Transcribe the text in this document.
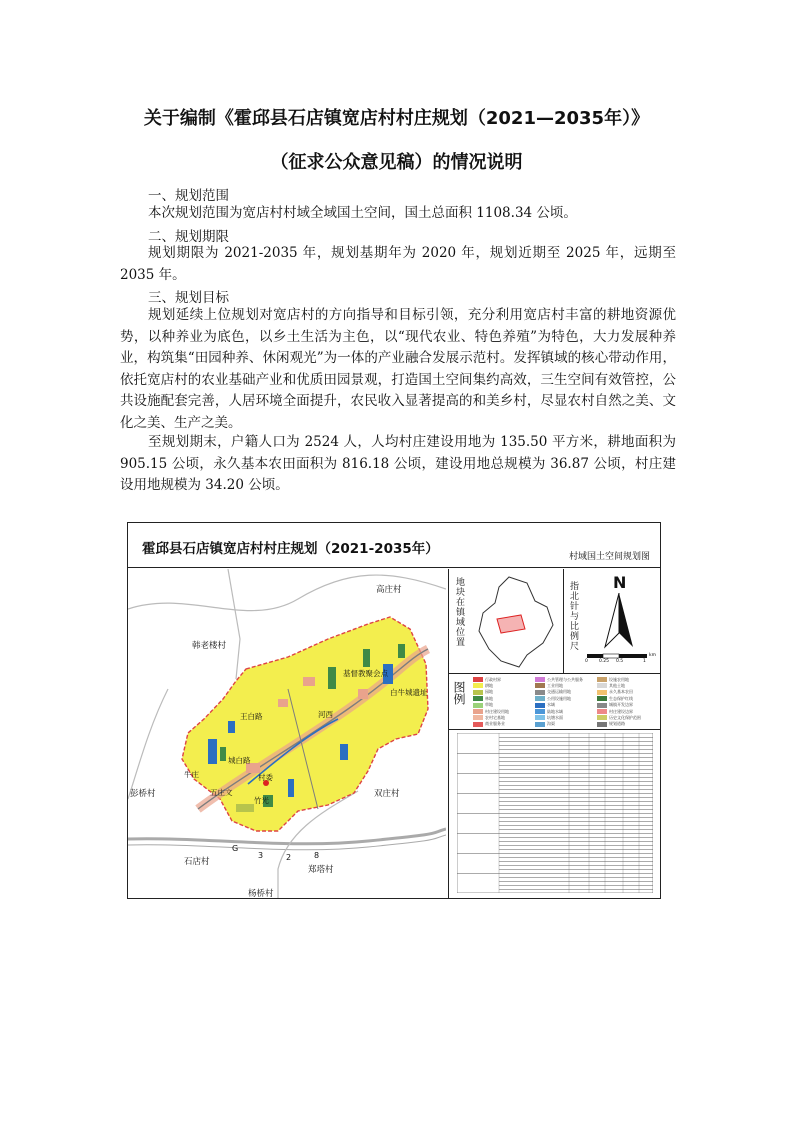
关于编制《霍邱县石店镇宽店村村庄规划（2021—2035年）》
（征求公众意见稿）的情况说明
一、规划范围
本次规划范围为宽店村村域全域国土空间，国土总面积 1108.34 公顷。
二、规划期限
规划期限为 2021-2035 年，规划基期年为 2020 年，规划近期至 2025 年，远期至 2035 年。
三、规划目标
规划延续上位规划对宽店村的方向指导和目标引领，充分利用宽店村丰富的耕地资源优势，以种养业为底色，以乡土生活为主色，以“现代农业、特色养殖”为特色，大力发展种养业，构筑集“田园种养、休闲观光”为一体的产业融合发展示范村。发挥镇域的核心带动作用，依托宽店村的农业基础产业和优质田园景观，打造国土空间集约高效，三生空间有效管控，公共设施配套完善，人居环境全面提升，农民收入显著提高的和美乡村，尽显农村自然之美、文化之美、生产之美。
至规划期末，户籍人口为 2524 人，人均村庄建设用地为 135.50 平方米，耕地面积为 905.15 公顷，永久基本农田面积为 816.18 公顷，建设用地总规模为 36.87 公顷，村庄建设用地规模为 34.20 公顷。
霍邱县石店镇宽店村村庄规划（2021-2035年）	村域国土空间规划图
高庄村
韩老楼村
彭桥村	双庄村
石店村
郑塔村
杨桥村
基督教聚会点
白牛城遗址
王白路
村委
五庄文
牛庄
竹光
城白路
河西
G
3	2	8
地块在镇域位置	指北针与比例尺 N
0 0.25 0.5	1
km
图例
行政村界
耕地
园地
林地
草地
村庄建设用地
农村宅基地
商业服务业
公共管理与公共服务
工业用地
交通运输用地
公用设施用地
水域
陆地水域
坑塘水面
沟渠
设施农用地
其他土地
永久基本农田
生态保护红线
城镇开发边界
村庄建设边界
历史文化保护范围
规划道路
